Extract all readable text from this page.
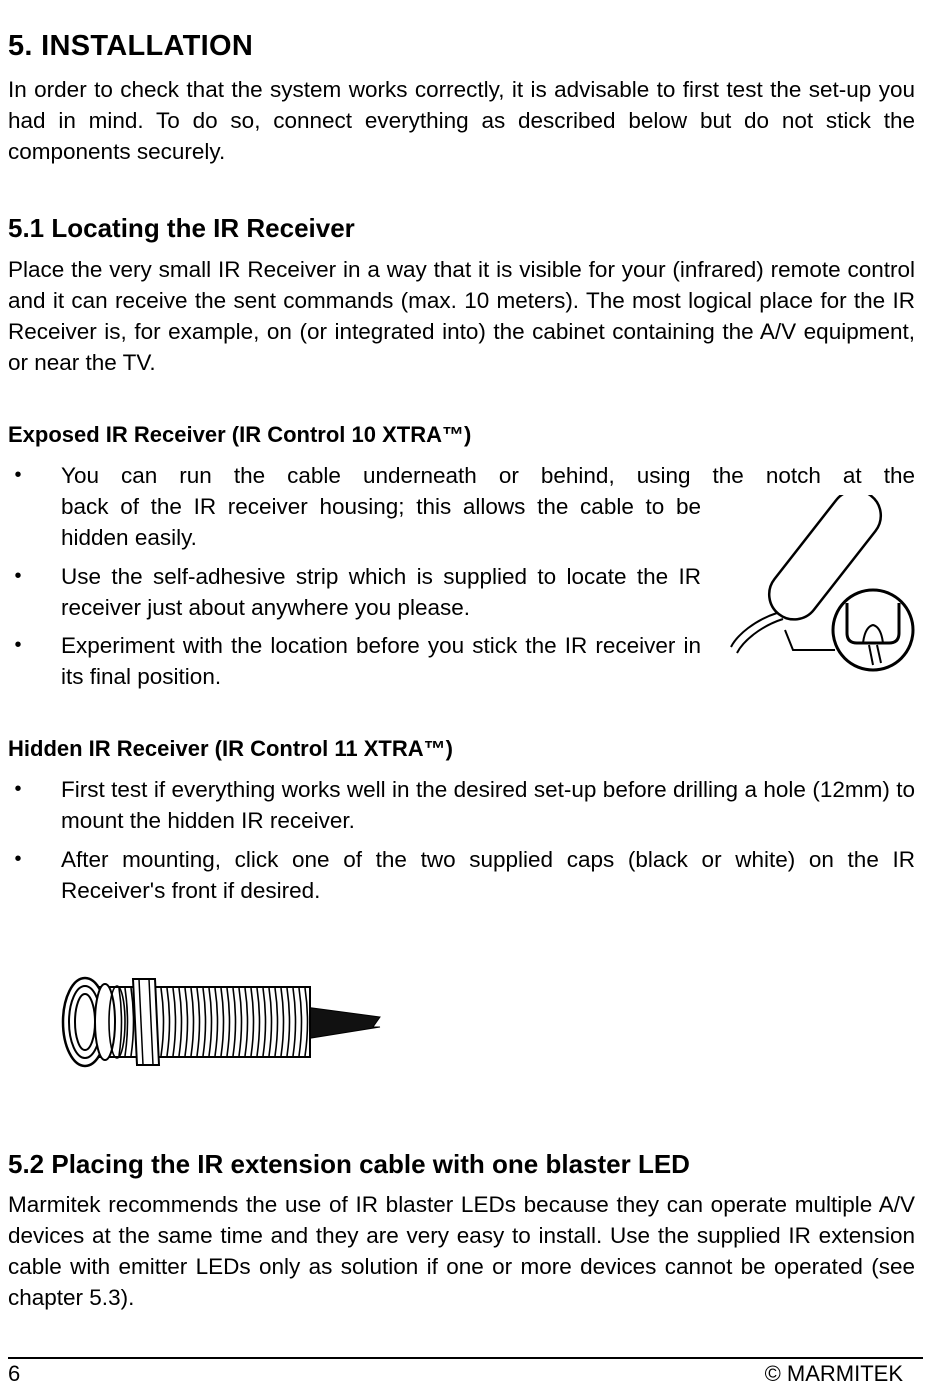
5. INSTALLATION
In order to check that the system works correctly, it is advisable to first test the set-up you had in mind. To do so, connect everything as described below but do not stick the components securely.
5.1 Locating the IR Receiver
Place the very small IR Receiver in a way that it is visible for your (infrared) remote control and it can receive the sent commands (max. 10 meters). The most logical place for the IR Receiver is, for example, on (or integrated into) the cabinet containing the A/V equipment, or near the TV.
Exposed IR Receiver (IR Control 10 XTRA™)
• You can run the cable underneath or behind, using the notch at the
back of the IR receiver housing; this allows the cable to be hidden easily.
• Use the self-adhesive strip which is supplied to locate the IR receiver just about anywhere you please.
• Experiment with the location before you stick the IR receiver in its final position.
Hidden IR Receiver (IR Control 11 XTRA™)
• First test if everything works well in the desired set-up before drilling a hole (12mm) to mount the hidden IR receiver.
• After mounting, click one of the two supplied caps (black or white) on the IR Receiver's front if desired.
5.2 Placing the IR extension cable with one blaster LED
Marmitek recommends the use of IR blaster LEDs because they can operate multiple A/V devices at the same time and they are very easy to install. Use the supplied IR extension cable with emitter LEDs only as solution if one or more devices cannot be operated (see chapter 5.3).
6	© MARMITEK
